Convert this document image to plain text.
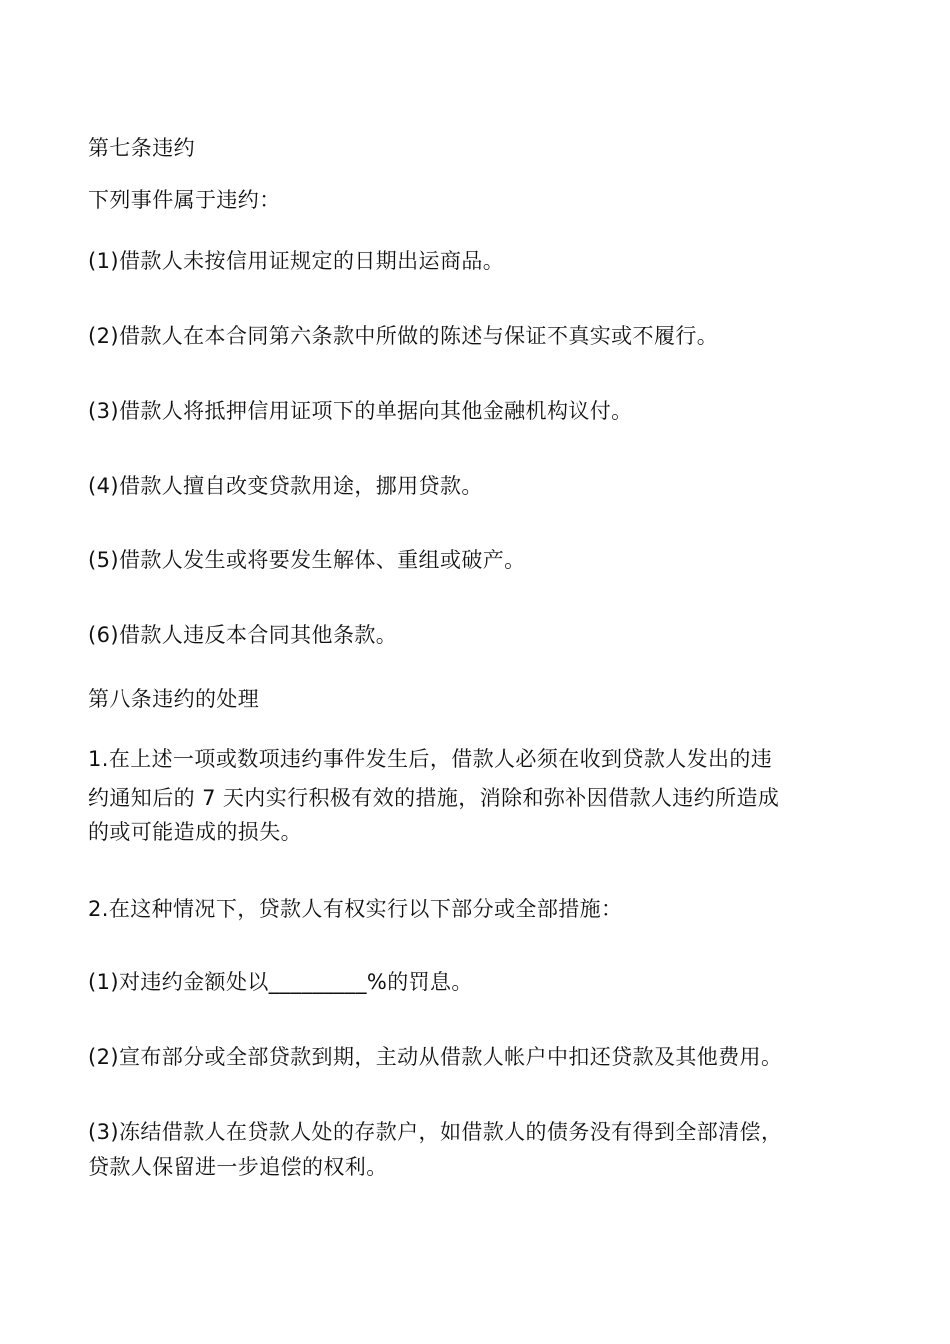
第七条违约
下列事件属于违约：
(1)借款人未按信用证规定的日期出运商品。
(2)借款人在本合同第六条款中所做的陈述与保证不真实或不履行。
(3)借款人将抵押信用证项下的单据向其他金融机构议付。
(4)借款人擅自改变贷款用途，挪用贷款。
(5)借款人发生或将要发生解体、重组或破产。
(6)借款人违反本合同其他条款。
第八条违约的处理
1.在上述一项或数项违约事件发生后，借款人必须在收到贷款人发出的违
约通知后的 7 天内实行积极有效的措施，消除和弥补因借款人违约所造成
的或可能造成的损失。
2.在这种情况下，贷款人有权实行以下部分或全部措施：
(1)对违约金额处以_________%的罚息。
(2)宣布部分或全部贷款到期，主动从借款人帐户中扣还贷款及其他费用。
(3)冻结借款人在贷款人处的存款户，如借款人的债务没有得到全部清偿，
贷款人保留进一步追偿的权利。
